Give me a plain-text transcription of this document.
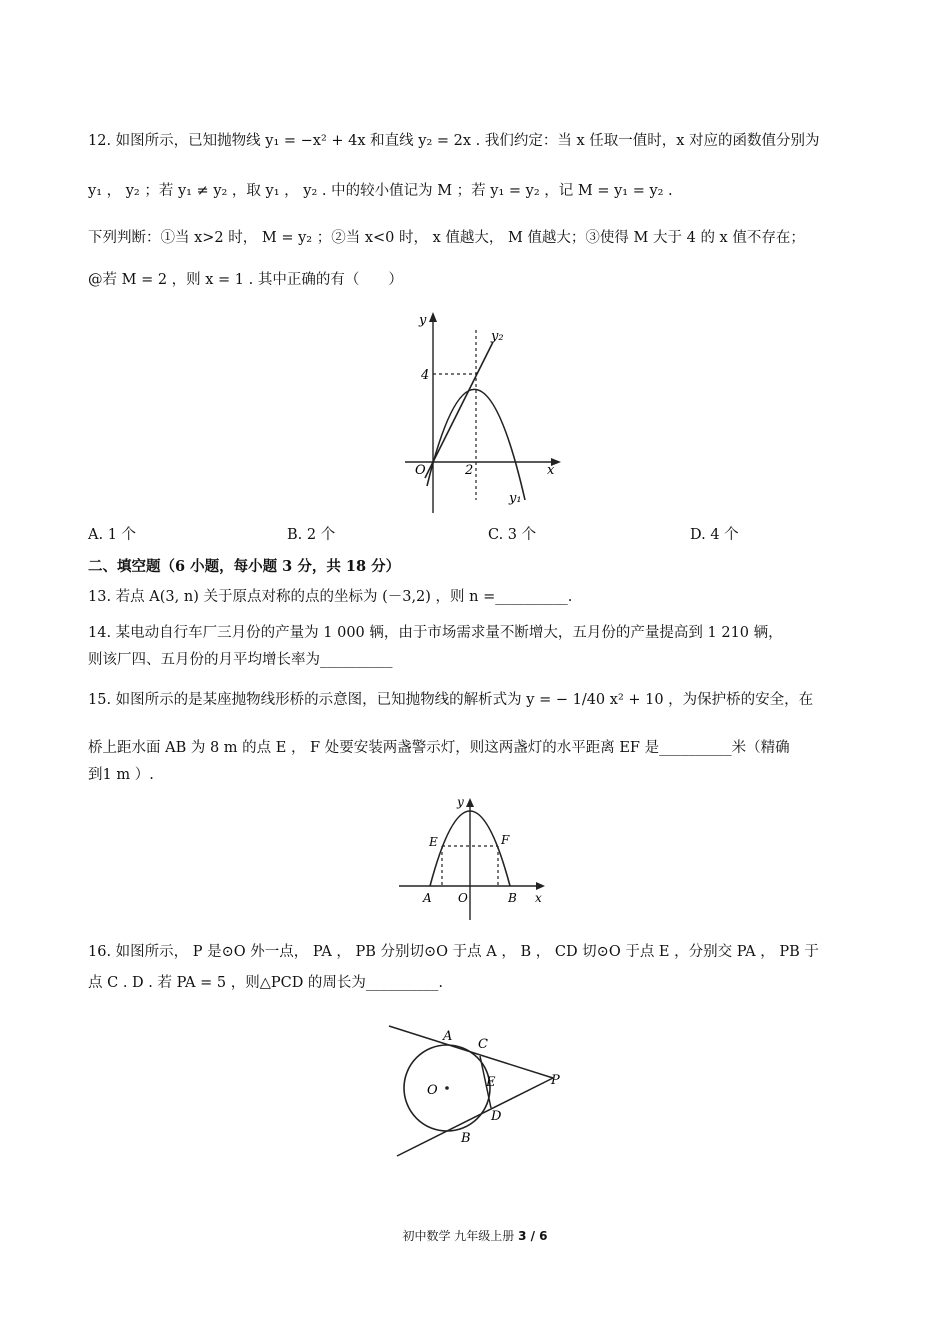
12. 如图所示，已知抛物线 y₁ = −x² + 4x 和直线 y₂ = 2x . 我们约定：当 x 任取一值时，x 对应的函数值分别为
y₁ ， y₂ ；若 y₁ ≠ y₂ ，取 y₁ ， y₂ . 中的较小值记为 M ；若 y₁ = y₂ ，记 M = y₁ = y₂ .
下列判断：①当 x>2 时， M = y₂ ；②当 x<0 时， x 值越大， M 值越大；③使得 M 大于 4 的 x 值不存在；
@若 M = 2 ，则 x = 1 . 其中正确的有（　　）
y
y₂
4
O	2	x
y₁
A. 1 个	B. 2 个	C. 3 个	D. 4 个
二、填空题（6 小题，每小题 3 分，共 18 分）
13. 若点 A(3, n) 关于原点对称的点的坐标为 (－3,2) ，则 n =__________.
14. 某电动自行车厂三月份的产量为 1 000 辆，由于市场需求量不断增大，五月份的产量提高到 1 210 辆，
则该厂四、五月份的月平均增长率为__________
15. 如图所示的是某座抛物线形桥的示意图，已知抛物线的解析式为 y = − 1/40 x² + 10 ，为保护桥的安全，在
桥上距水面 AB 为 8 m 的点 E ， F 处要安装两盏警示灯，则这两盏灯的水平距离 EF 是__________米（精确
到1 m ）.
y
E	F
A O	B x
16. 如图所示， P 是⊙O 外一点， PA ， PB 分别切⊙O 于点 A ， B ， CD 切⊙O 于点 E ，分别交 PA ， PB 于
点 C . D . 若 PA = 5 ，则△PCD 的周长为__________.
A
C
E	P
O
D
B
初中数学 九年级上册 3 / 6
